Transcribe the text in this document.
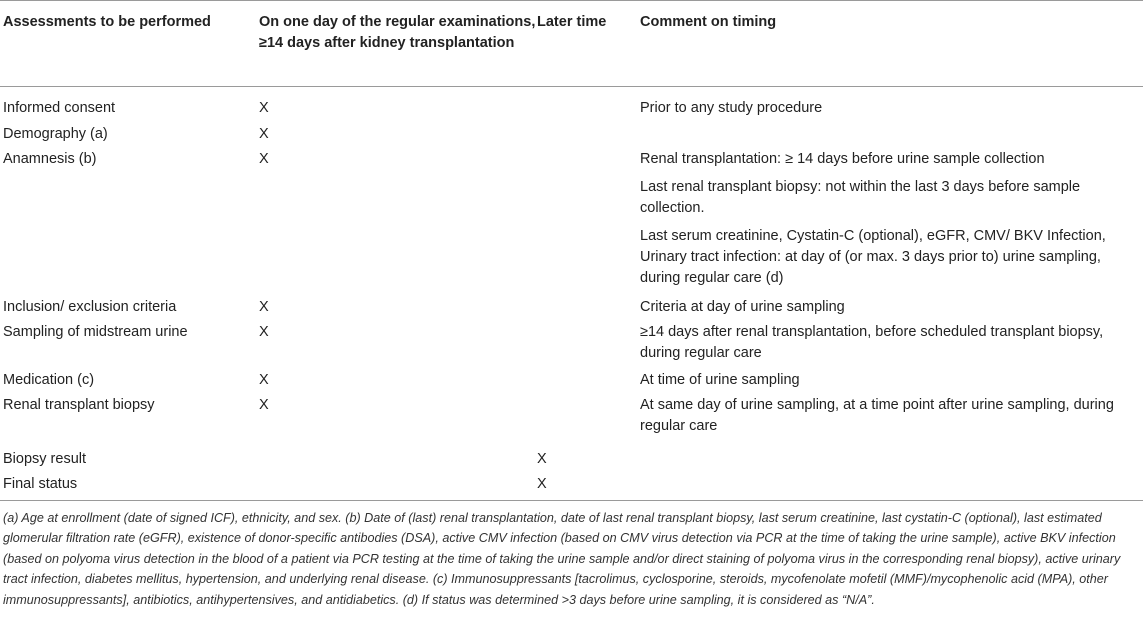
Assessments to be performed	On one day of the regular examinations, ≥14 days after kidney transplantation	Later time	Comment on timing
Informed consent	X		Prior to any study procedure

Demography (a)	X		
Anamnesis (b)	X		Renal transplantation: ≥ 14 days before urine sample collection
Last renal transplant biopsy: not within the last 3 days before sample collection.
Last serum creatinine, Cystatin-C (optional), eGFR, CMV/ BKV Infection, Urinary tract infection: at day of (or max. 3 days prior to) urine sampling, during regular care (d)

Inclusion/ exclusion criteria	X		Criteria at day of urine sampling

Sampling of midstream urine	X		≥14 days after renal transplantation, before scheduled transplant biopsy, during regular care

Medication (c)	X		At time of urine sampling

Renal transplant biopsy	X		At same day of urine sampling, at a time point after urine sampling, during regular care

Biopsy result		X	
Final status		X	
(a) Age at enrollment (date of signed ICF), ethnicity, and sex. (b) Date of (last) renal transplantation, date of last renal transplant biopsy, last serum creatinine, last cystatin-C (optional), last estimated glomerular filtration rate (eGFR), existence of donor-specific antibodies (DSA), active CMV infection (based on CMV virus detection via PCR at the time of taking the urine sample), active BKV infection (based on polyoma virus detection in the blood of a patient via PCR testing at the time of taking the urine sample and/or direct staining of polyoma virus in the corresponding renal biopsy), active urinary tract infection, diabetes mellitus, hypertension, and underlying renal disease. (c) Immunosuppressants [tacrolimus, cyclosporine, steroids, mycofenolate mofetil (MMF)/mycophenolic acid (MPA), other immunosuppressants], antibiotics, antihypertensives, and antidiabetics. (d) If status was determined >3 days before urine sampling, it is considered as “N/A”.
